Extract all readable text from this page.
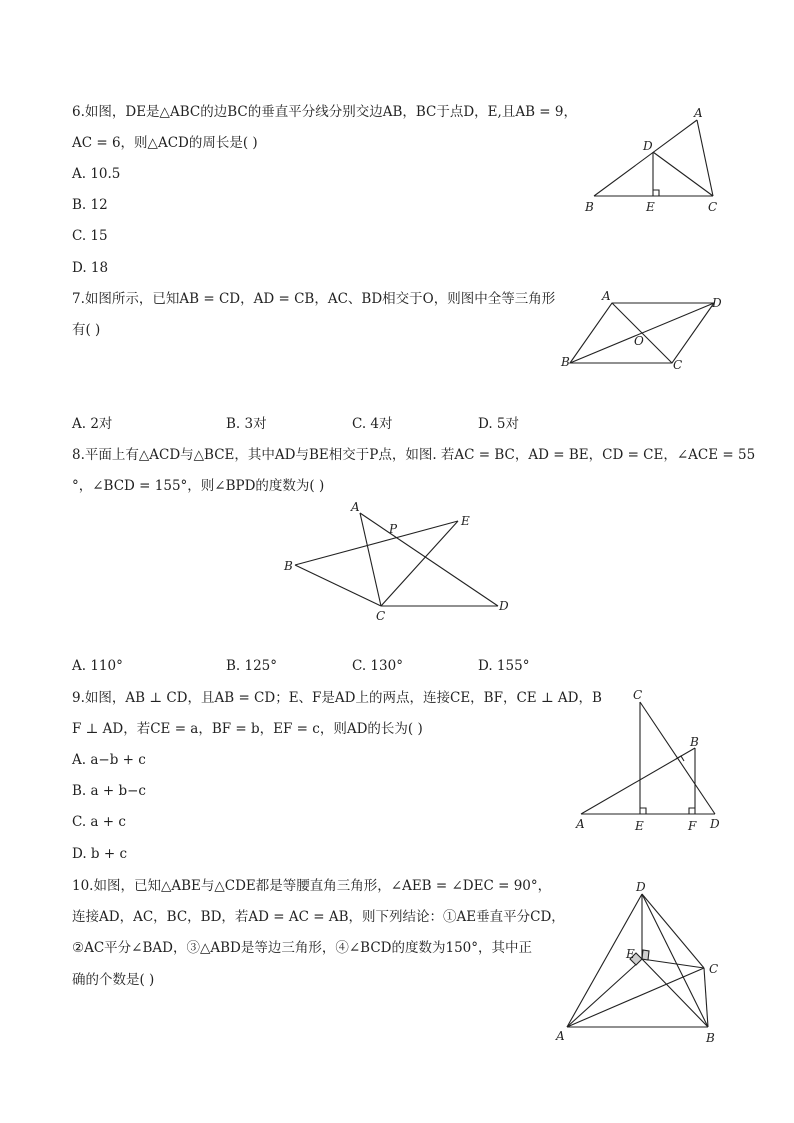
6.如图，DE是△ABC的边BC的垂直平分线分别交边AB，BC于点D，E,且AB = 9，
AC = 6，则△ACD的周长是( )
A. 10.5
B. 12
C. 15
D. 18
A
D
B	E	C
7.如图所示，已知AB = CD，AD = CB，AC、BD相交于O，则图中全等三角形
有( )
A	D
O
B	C
A. 2对	B. 3对	C. 4对	D. 5对
8.平面上有△ACD与△BCE，其中AD与BE相交于P点，如图. 若AC = BC，AD = BE，CD = CE，∠ACE = 55
°，∠BCD = 155°，则∠BPD的度数为( )
A
P
E
B
C
D
A. 110°	B. 125°	C. 130°	D. 155°
9.如图，AB ⊥ CD，且AB = CD；E、F是AD上的两点，连接CE，BF，CE ⊥ AD，B
F ⊥ AD，若CE = a，BF = b，EF = c，则AD的长为( )
A. a−b + c
B. a + b−c
C. a + c
D. b + c
C
B
A	E	F D
10.如图，已知△ABE与△CDE都是等腰直角三角形，∠AEB = ∠DEC = 90°，
连接AD，AC，BC，BD，若AD = AC = AB，则下列结论：①AE垂直平分CD，
②AC平分∠BAD，③△ABD是等边三角形，④∠BCD的度数为150°，其中正
确的个数是( )
D
E
C
A	B
